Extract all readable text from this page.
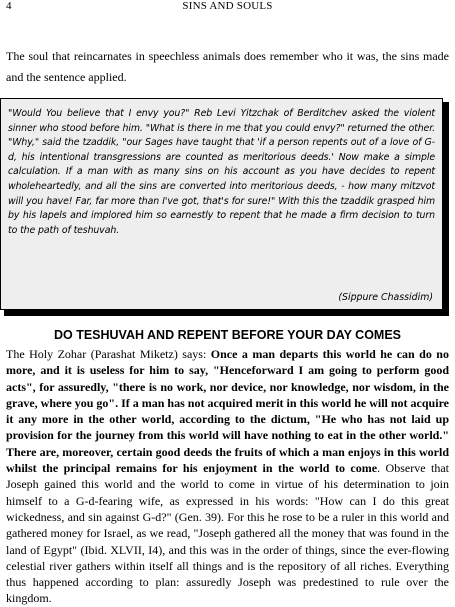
4	SINS AND SOULS

The soul that reincarnates in speechless animals does remember who it was, the sins made and the sentence applied.

"Would You believe that I envy you?" Reb Levi Yitzchak of Berditchev asked the violent sinner who stood before him. "What is there in me that you could envy?" returned the other. "Why," said the tzaddik, "our Sages have taught that 'if a person repents out of a love of G-d, his intentional transgressions are counted as meritorious deeds.' Now make a simple calculation. If a man with as many sins on his account as you have decides to repent wholeheartedly, and all the sins are converted into meritorious deeds, - how many mitzvot will you have! Far, far more than I've got, that's for sure!" With this the tzaddik grasped him by his lapels and implored him so earnestly to repent that he made a firm decision to turn to the path of teshuvah.

(Sippure Chassidim)
DO TESHUVAH AND REPENT BEFORE YOUR DAY COMES

The Holy Zohar (Parashat Miketz) says: Once a man departs this world he can do no more, and it is useless for him to say, "Henceforward I am going to perform good acts", for assuredly, "there is no work, nor device, nor knowledge, nor wisdom, in the grave, where you go". If a man has not acquired merit in this world he will not acquire it any more in the other world, according to the dictum, "He who has not laid up provision for the journey from this world will have nothing to eat in the other world." There are, moreover, certain good deeds the fruits of which a man enjoys in this world whilst the principal remains for his enjoyment in the world to come. Observe that Joseph gained this world and the world to come in virtue of his determination to join himself to a G-d-fearing wife, as expressed in his words: "How can I do this great wickedness, and sin against G-d?" (Gen. 39). For this he rose to be a ruler in this world and gathered money for Israel, as we read, "Joseph gathered all the money that was found in the land of Egypt" (Ibid. XLVII, I4), and this was in the order of things, since the ever-flowing celestial river gathers within itself all things and is the repository of all riches. Everything thus happened according to plan: assuredly Joseph was predestined to rule over the kingdom.
